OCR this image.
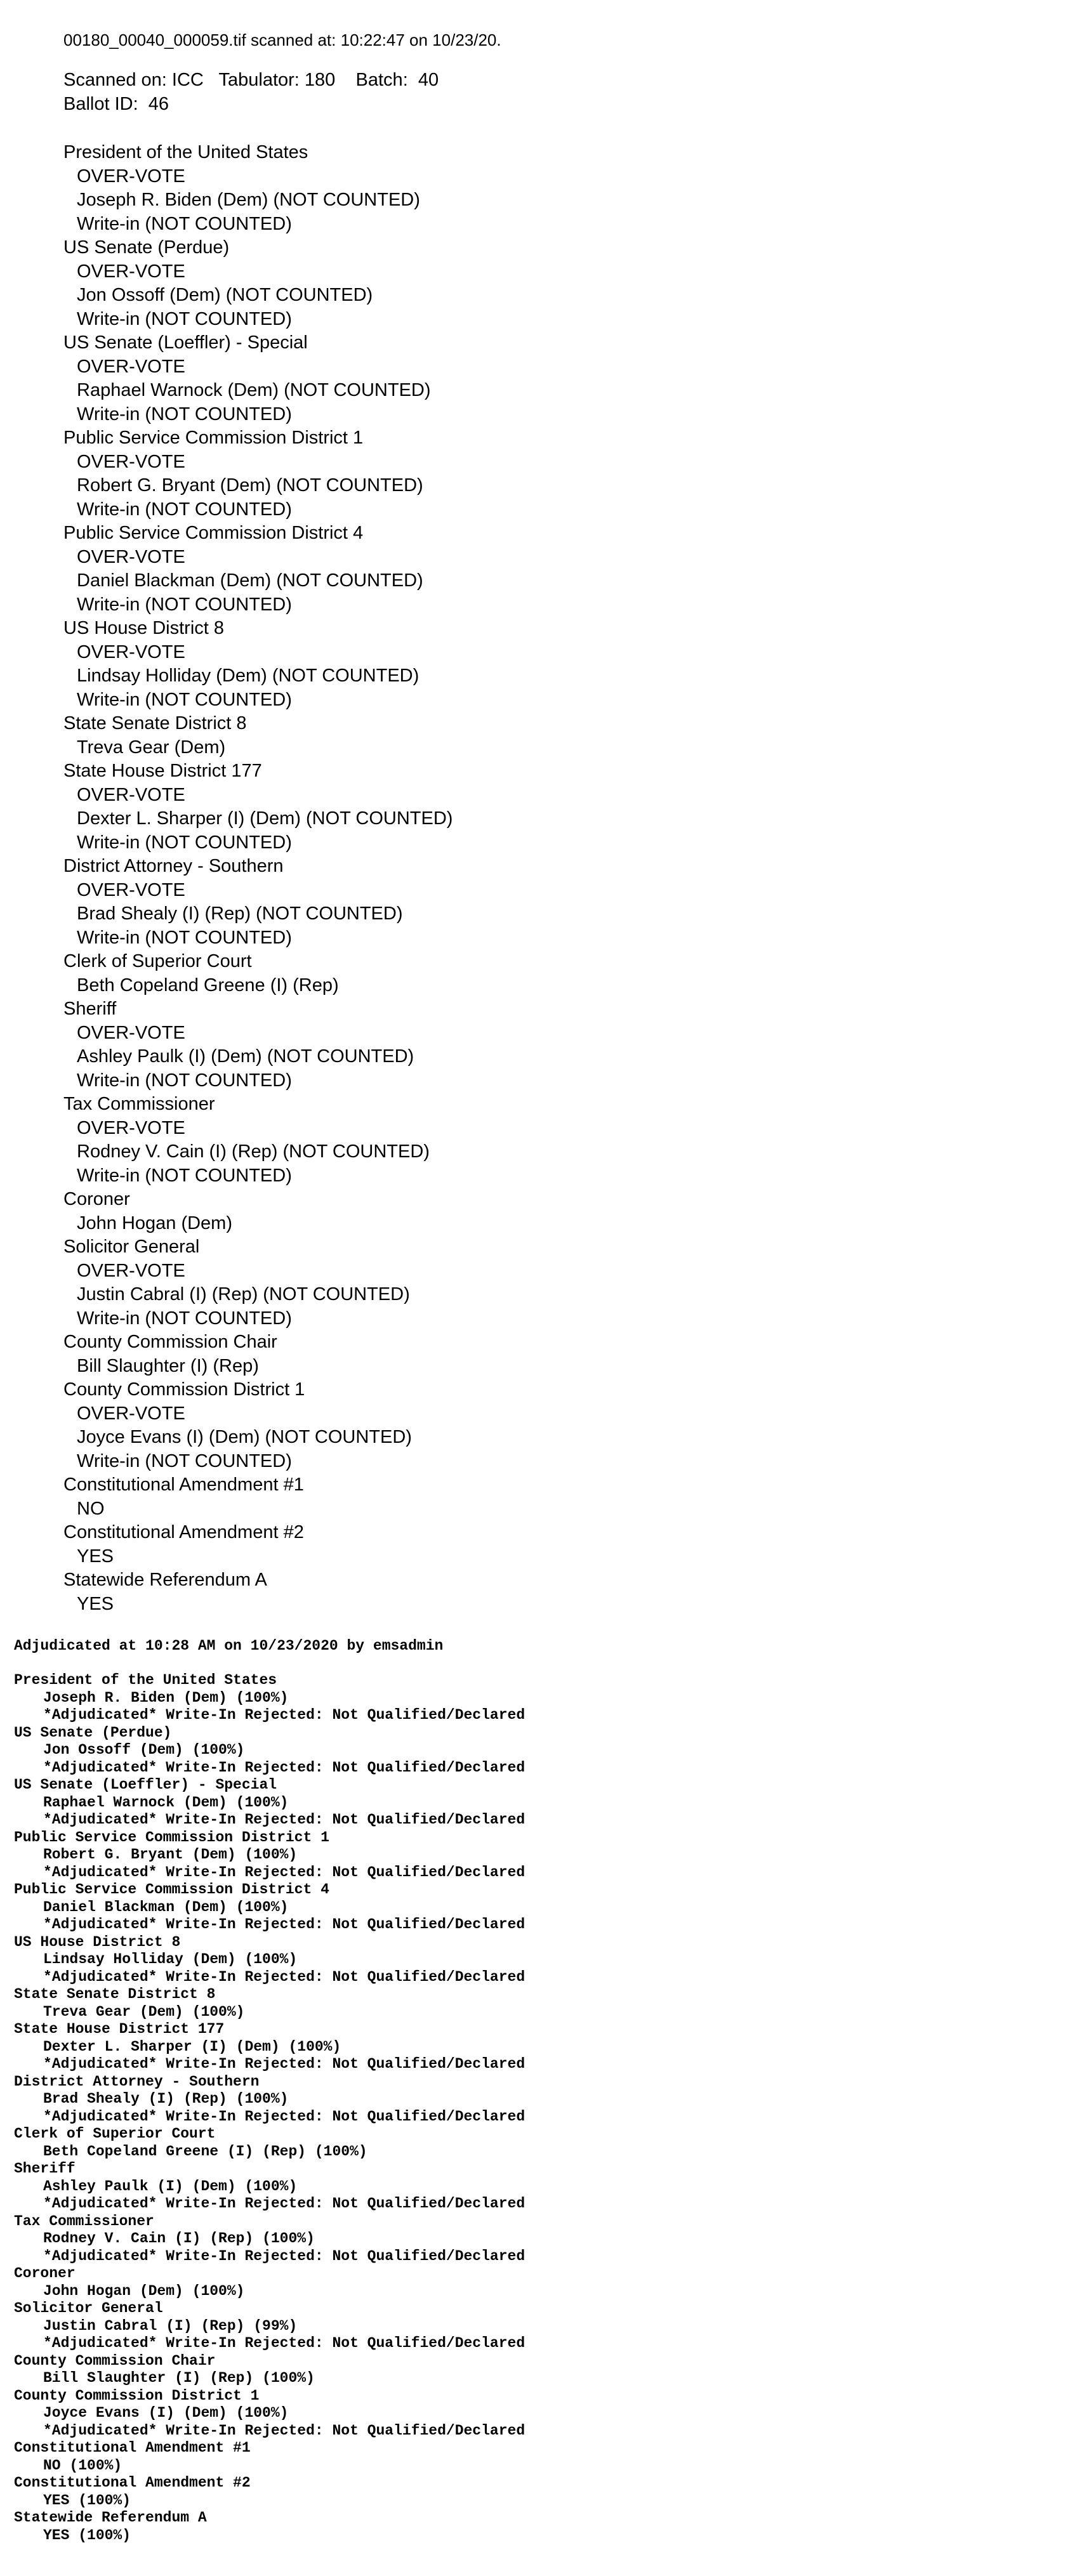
00180_00040_000059.tif scanned at: 10:22:47 on 10/23/20.
Scanned on: ICC   Tabulator: 180    Batch:  40
Ballot ID:  46
President of the United States
OVER-VOTE
Joseph R. Biden (Dem) (NOT COUNTED)
Write-in (NOT COUNTED)
US Senate (Perdue)
OVER-VOTE
Jon Ossoff (Dem) (NOT COUNTED)
Write-in (NOT COUNTED)
US Senate (Loeffler) - Special
OVER-VOTE
Raphael Warnock (Dem) (NOT COUNTED)
Write-in (NOT COUNTED)
Public Service Commission District 1
OVER-VOTE
Robert G. Bryant (Dem) (NOT COUNTED)
Write-in (NOT COUNTED)
Public Service Commission District 4
OVER-VOTE
Daniel Blackman (Dem) (NOT COUNTED)
Write-in (NOT COUNTED)
US House District 8
OVER-VOTE
Lindsay Holliday (Dem) (NOT COUNTED)
Write-in (NOT COUNTED)
State Senate District 8
Treva Gear (Dem)
State House District 177
OVER-VOTE
Dexter L. Sharper (I) (Dem) (NOT COUNTED)
Write-in (NOT COUNTED)
District Attorney - Southern
OVER-VOTE
Brad Shealy (I) (Rep) (NOT COUNTED)
Write-in (NOT COUNTED)
Clerk of Superior Court
Beth Copeland Greene (I) (Rep)
Sheriff
OVER-VOTE
Ashley Paulk (I) (Dem) (NOT COUNTED)
Write-in (NOT COUNTED)
Tax Commissioner
OVER-VOTE
Rodney V. Cain (I) (Rep) (NOT COUNTED)
Write-in (NOT COUNTED)
Coroner
John Hogan (Dem)
Solicitor General
OVER-VOTE
Justin Cabral (I) (Rep) (NOT COUNTED)
Write-in (NOT COUNTED)
County Commission Chair
Bill Slaughter (I) (Rep)
County Commission District 1
OVER-VOTE
Joyce Evans (I) (Dem) (NOT COUNTED)
Write-in (NOT COUNTED)
Constitutional Amendment #1
NO
Constitutional Amendment #2
YES
Statewide Referendum A
YES
Adjudicated at 10:28 AM on 10/23/2020 by emsadmin
President of the United States
Joseph R. Biden (Dem) (100%)
*Adjudicated* Write-In Rejected: Not Qualified/Declared
US Senate (Perdue)
Jon Ossoff (Dem) (100%)
*Adjudicated* Write-In Rejected: Not Qualified/Declared
US Senate (Loeffler) - Special
Raphael Warnock (Dem) (100%)
*Adjudicated* Write-In Rejected: Not Qualified/Declared
Public Service Commission District 1
Robert G. Bryant (Dem) (100%)
*Adjudicated* Write-In Rejected: Not Qualified/Declared
Public Service Commission District 4
Daniel Blackman (Dem) (100%)
*Adjudicated* Write-In Rejected: Not Qualified/Declared
US House District 8
Lindsay Holliday (Dem) (100%)
*Adjudicated* Write-In Rejected: Not Qualified/Declared
State Senate District 8
Treva Gear (Dem) (100%)
State House District 177
Dexter L. Sharper (I) (Dem) (100%)
*Adjudicated* Write-In Rejected: Not Qualified/Declared
District Attorney - Southern
Brad Shealy (I) (Rep) (100%)
*Adjudicated* Write-In Rejected: Not Qualified/Declared
Clerk of Superior Court
Beth Copeland Greene (I) (Rep) (100%)
Sheriff
Ashley Paulk (I) (Dem) (100%)
*Adjudicated* Write-In Rejected: Not Qualified/Declared
Tax Commissioner
Rodney V. Cain (I) (Rep) (100%)
*Adjudicated* Write-In Rejected: Not Qualified/Declared
Coroner
John Hogan (Dem) (100%)
Solicitor General
Justin Cabral (I) (Rep) (99%)
*Adjudicated* Write-In Rejected: Not Qualified/Declared
County Commission Chair
Bill Slaughter (I) (Rep) (100%)
County Commission District 1
Joyce Evans (I) (Dem) (100%)
*Adjudicated* Write-In Rejected: Not Qualified/Declared
Constitutional Amendment #1
NO (100%)
Constitutional Amendment #2
YES (100%)
Statewide Referendum A
YES (100%)
